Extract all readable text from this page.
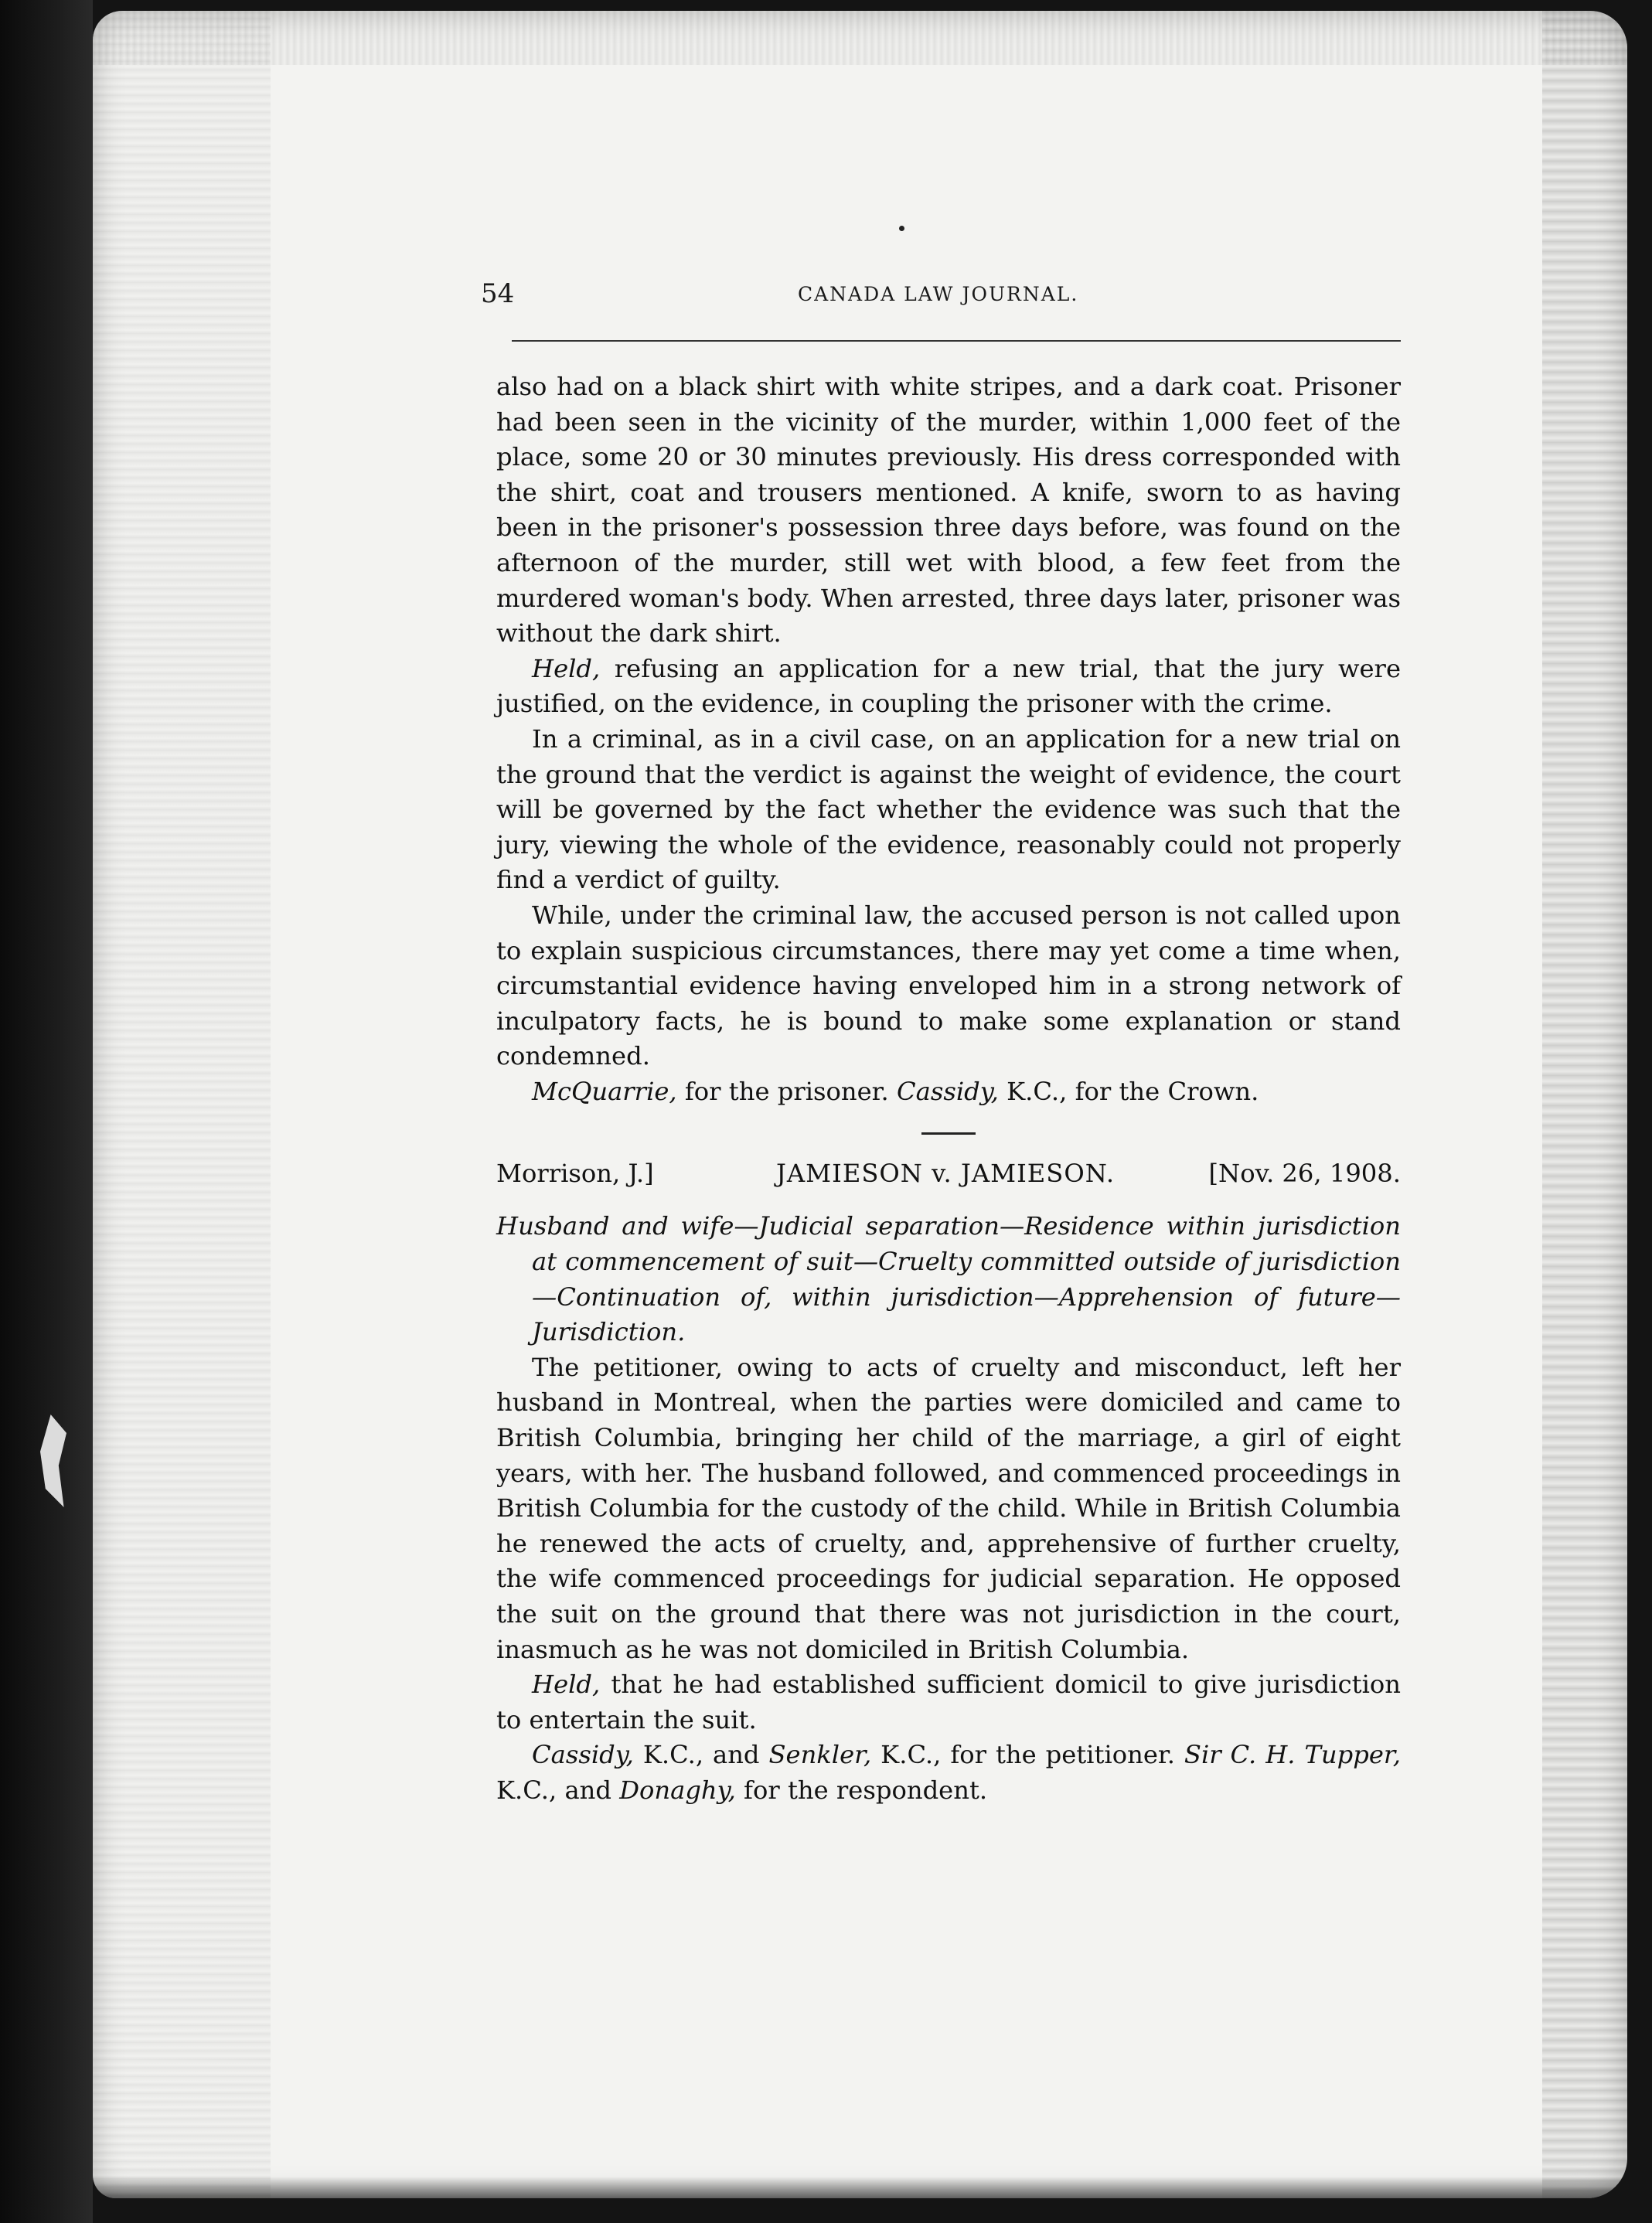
54	CANADA LAW JOURNAL.

also had on a black shirt with white stripes, and a dark coat. Prisoner had been seen in the vicinity of the murder, within 1,000 feet of the place, some 20 or 30 minutes previously. His dress corresponded with the shirt, coat and trousers mentioned. A knife, sworn to as having been in the prisoner's possession three days before, was found on the afternoon of the murder, still wet with blood, a few feet from the murdered woman's body. When arrested, three days later, prisoner was without the dark shirt.

Held, refusing an application for a new trial, that the jury were justified, on the evidence, in coupling the prisoner with the crime.

In a criminal, as in a civil case, on an application for a new trial on the ground that the verdict is against the weight of evidence, the court will be governed by the fact whether the evidence was such that the jury, viewing the whole of the evidence, reasonably could not properly find a verdict of guilty.

While, under the criminal law, the accused person is not called upon to explain suspicious circumstances, there may yet come a time when, circumstantial evidence having enveloped him in a strong network of inculpatory facts, he is bound to make some explanation or stand condemned.

McQuarrie, for the prisoner. Cassidy, K.C., for the Crown.

Morrison, J.]	JAMIESON v. JAMIESON.	[Nov. 26, 1908.

Husband and wife—Judicial separation—Residence within jurisdiction at commencement of suit—Cruelty committed outside of jurisdiction—Continuation of, within jurisdiction—Apprehension of future—Jurisdiction.

The petitioner, owing to acts of cruelty and misconduct, left her husband in Montreal, when the parties were domiciled and came to British Columbia, bringing her child of the marriage, a girl of eight years, with her. The husband followed, and commenced proceedings in British Columbia for the custody of the child. While in British Columbia he renewed the acts of cruelty, and, apprehensive of further cruelty, the wife commenced proceedings for judicial separation. He opposed the suit on the ground that there was not jurisdiction in the court, inasmuch as he was not domiciled in British Columbia.

Held, that he had established sufficient domicil to give jurisdiction to entertain the suit.

Cassidy, K.C., and Senkler, K.C., for the petitioner. Sir C. H. Tupper, K.C., and Donaghy, for the respondent.
